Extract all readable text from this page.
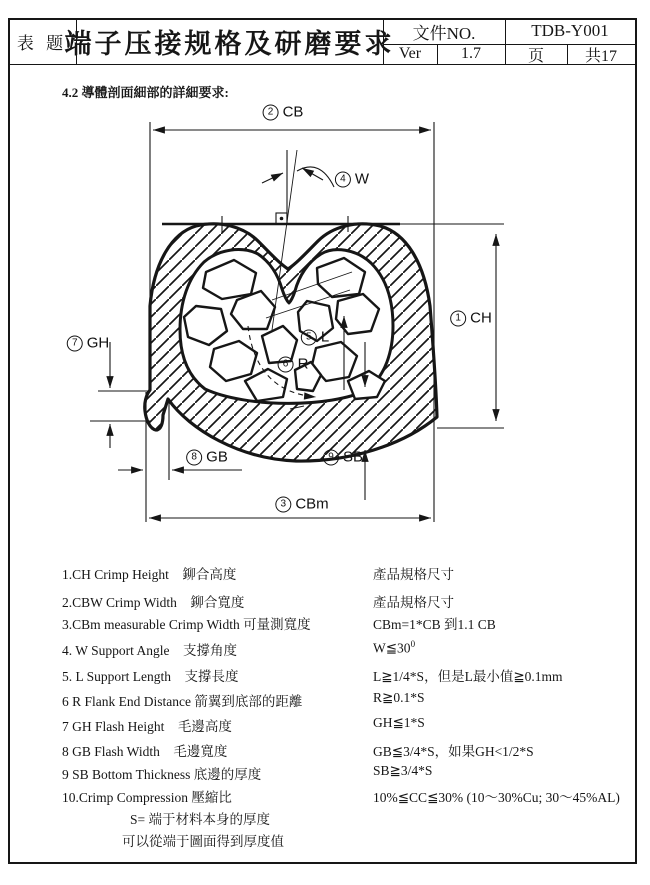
2 CB
4 W
1 CH
7 GH	5 L
6 R
8 GB	9 SB
3 CBm
表 题
端子压接规格及研磨要求	文件NO.	TDB-Y001
Ver	1.7	页	共17
4.2 導體剖面細部的詳細要求:
1.CH Crimp Height　鉚合高度	產品規格尺寸
2.CBW Crimp Width　鉚合寬度	產品規格尺寸
3.CBm measurable Crimp Width 可量測寬度	CBm=1*CB 到1.1 CB
4. W Support Angle　支撐角度	$W≦30^0$
5. L Support Length　支撐長度	L≧1/4*S，但是L最小值≧0.1mm
6 R Flank End Distance 箭翼到底部的距離	R≧0.1*S
7 GH Flash Height　毛邊高度	GH≦1*S
8 GB Flash Width　毛邊寬度	GB≦3/4*S，如果GH<1/2*S
9 SB Bottom Thickness 底邊的厚度	SB≧3/4*S
10.Crimp Compression 壓縮比	10%≦CC≦30% (10～30%Cu; 30～45%AL)
S= 端于材料本身的厚度
可以從端于圖面得到厚度值
